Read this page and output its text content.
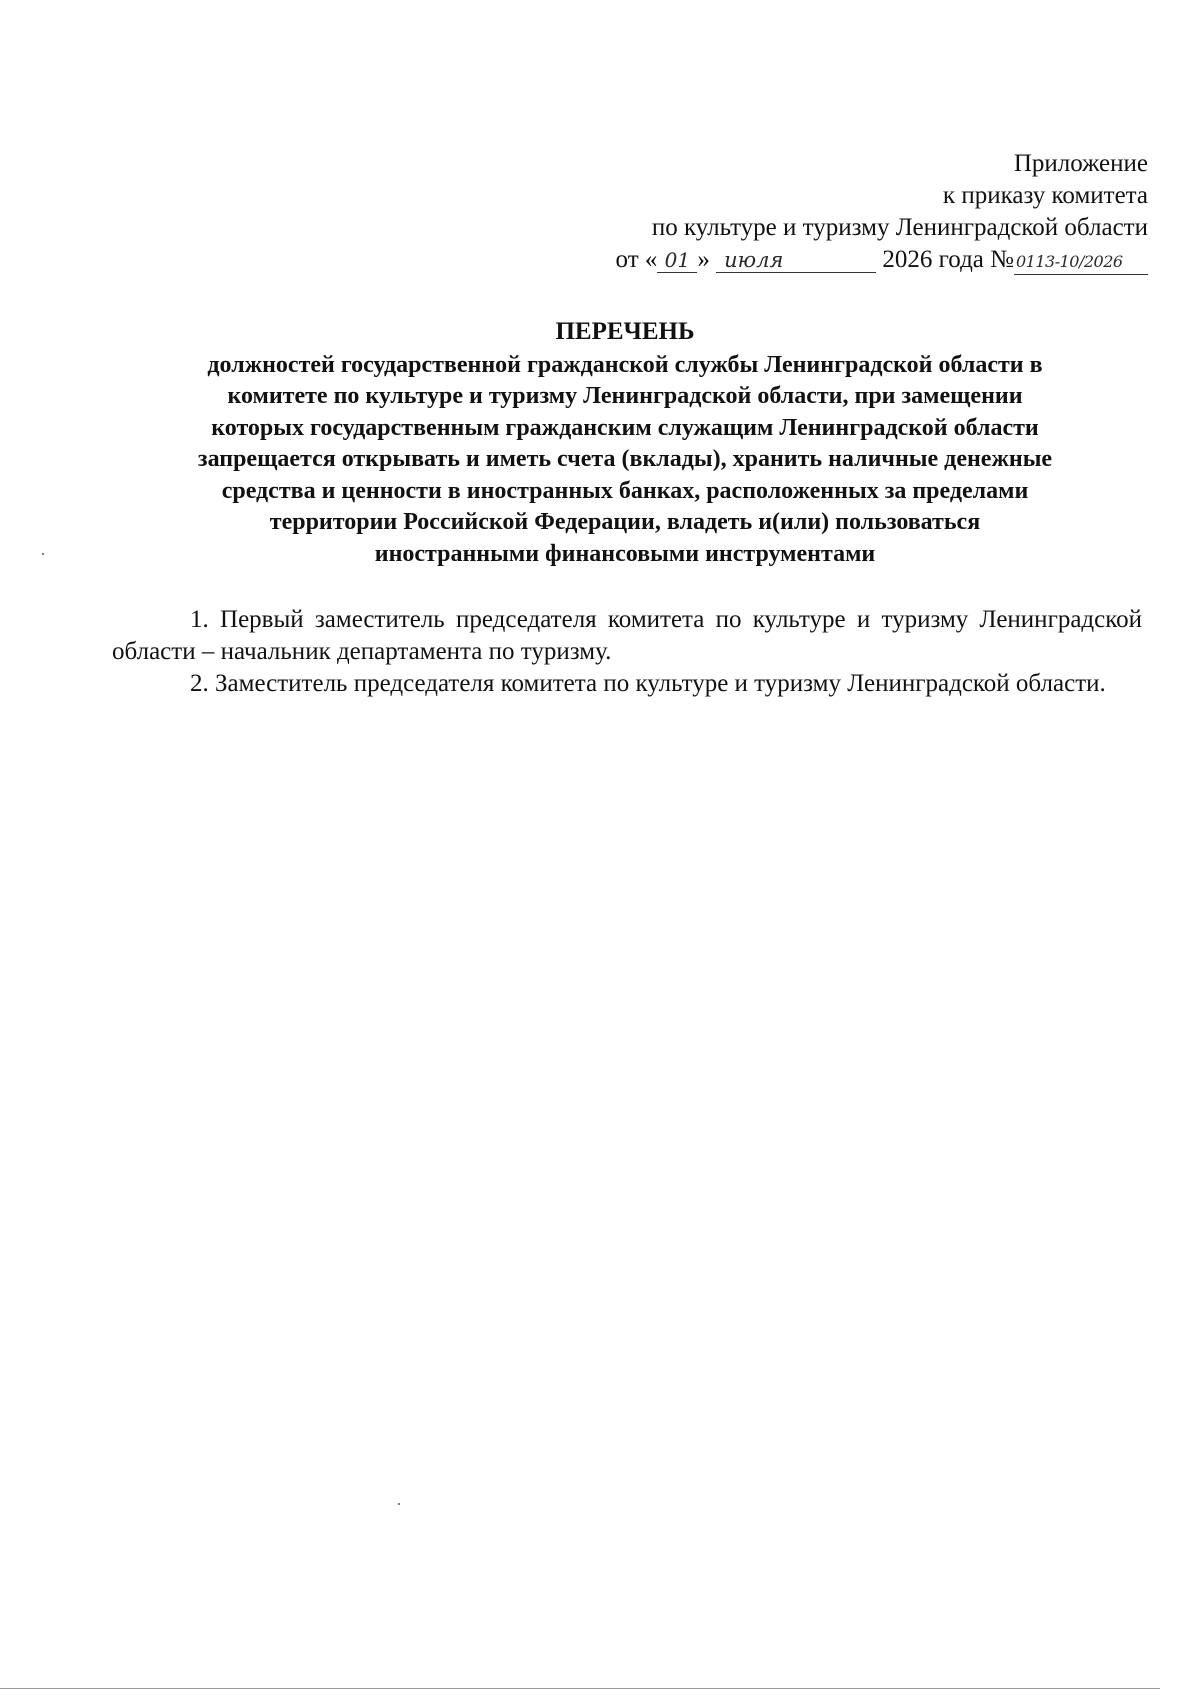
Приложение
к приказу комитета
по культуре и туризму Ленинградской области
от « 01 » июля	2026 года № 0113-10/2026
ПЕРЕЧЕНЬ
должностей государственной гражданской службы Ленинградской области в
комитете по культуре и туризму Ленинградской области, при замещении
которых государственным гражданским служащим Ленинградской области
запрещается открывать и иметь счета (вклады), хранить наличные денежные
средства и ценности в иностранных банках, расположенных за пределами
территории Российской Федерации, владеть и(или) пользоваться
иностранными финансовыми инструментами

1. Первый заместитель председателя комитета по культуре и туризму Ленинградской области – начальник департамента по туризму.

2. Заместитель председателя комитета по культуре и туризму Ленинградской области.
